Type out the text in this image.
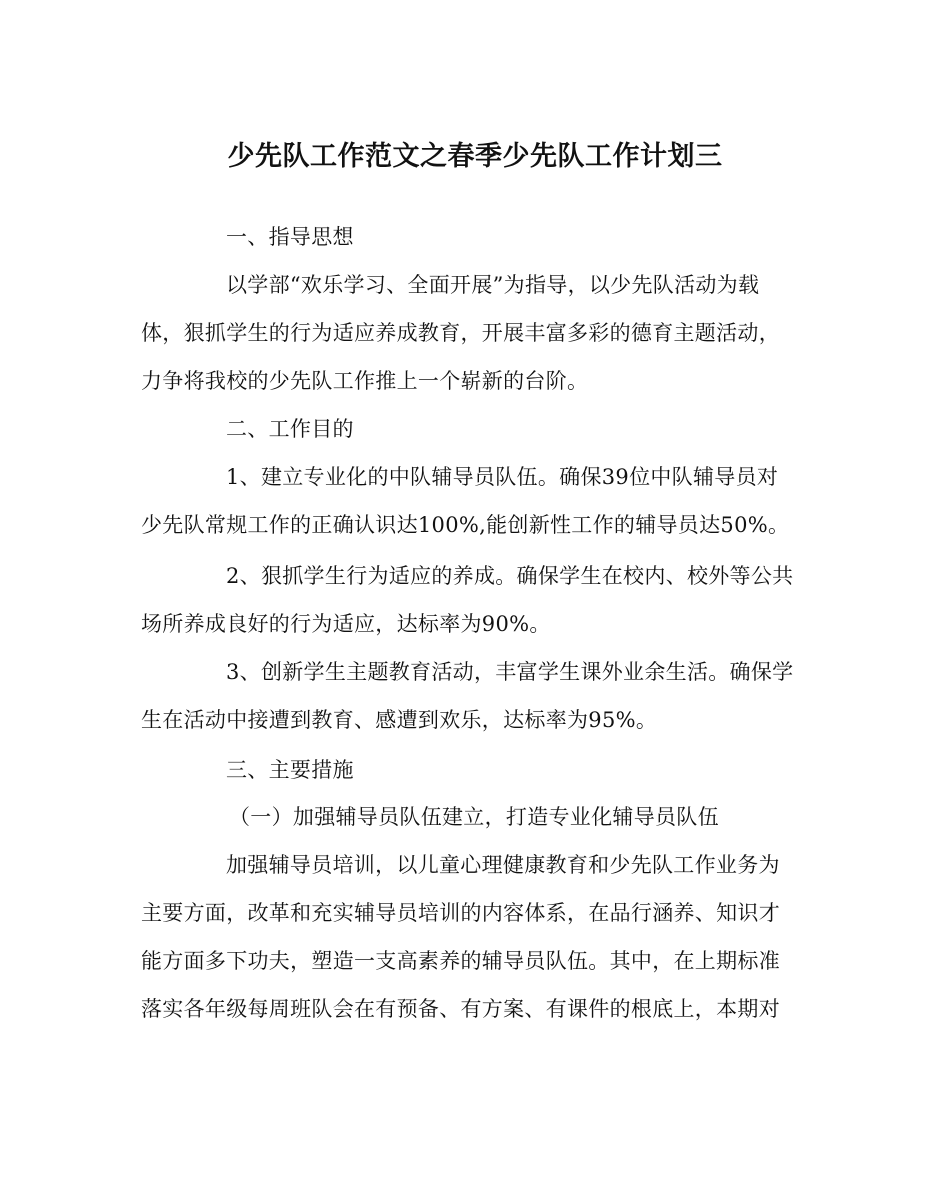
少先队工作范文之春季少先队工作计划三
一、指导思想
以学部“欢乐学习、全面开展”为指导，以少先队活动为载
体，狠抓学生的行为适应养成教育，开展丰富多彩的德育主题活动，
力争将我校的少先队工作推上一个崭新的台阶。
二、工作目的
1、建立专业化的中队辅导员队伍。确保39位中队辅导员对
少先队常规工作的正确认识达100%,能创新性工作的辅导员达50%。
2、狠抓学生行为适应的养成。确保学生在校内、校外等公共
场所养成良好的行为适应，达标率为90%。
3、创新学生主题教育活动，丰富学生课外业余生活。确保学
生在活动中接遭到教育、感遭到欢乐，达标率为95%。
三、主要措施
（一）加强辅导员队伍建立，打造专业化辅导员队伍
加强辅导员培训，以儿童心理健康教育和少先队工作业务为
主要方面，改革和充实辅导员培训的内容体系，在品行涵养、知识才
能方面多下功夫，塑造一支高素养的辅导员队伍。其中，在上期标准
落实各年级每周班队会在有预备、有方案、有课件的根底上，本期对
